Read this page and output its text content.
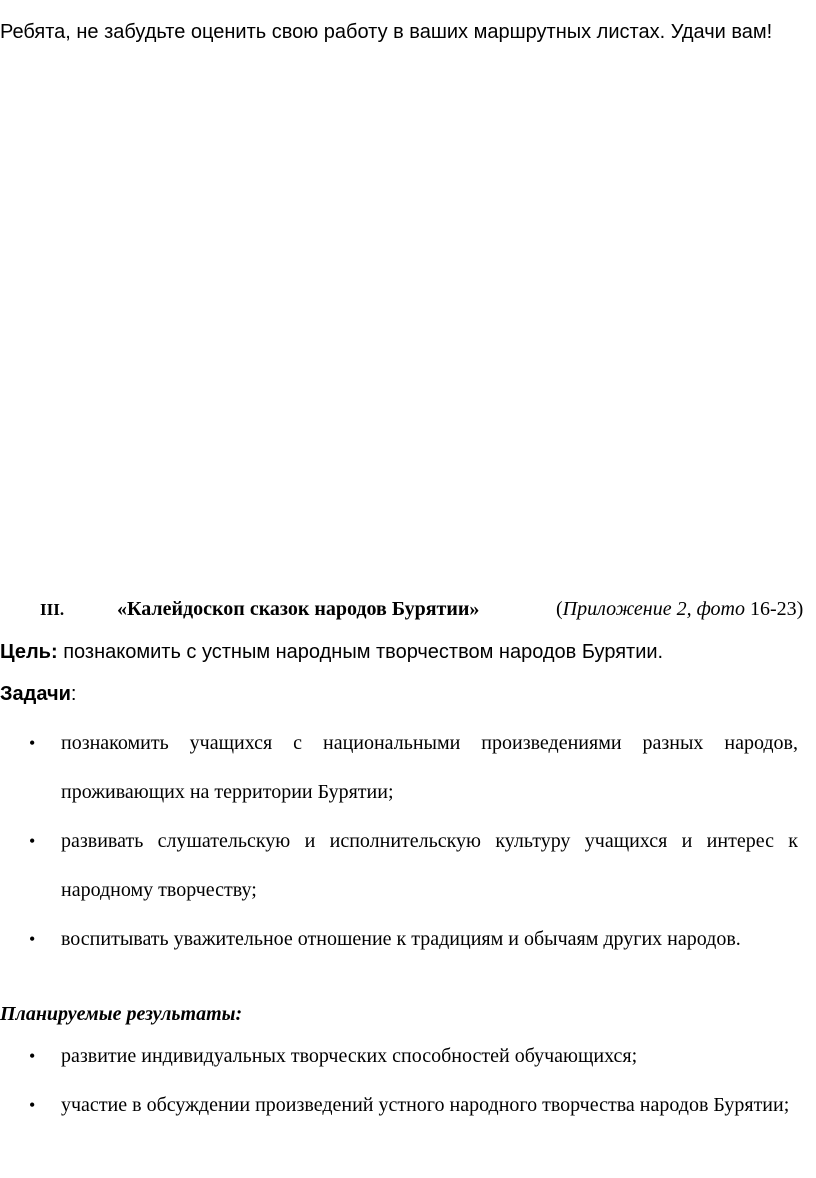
Ребята, не забудьте оценить свою работу в ваших маршрутных листах. Удачи вам!

III.	«Калейдоскоп сказок народов Бурятии»	(Приложение 2, фото 16-23)
Цель: познакомить с устным народным творчеством народов Бурятии.
Задачи:
• познакомить учащихся с национальными произведениями разных народов, проживающих на территории Бурятии;
• развивать слушательскую и исполнительскую культуру учащихся и интерес к народному творчеству;
• воспитывать уважительное отношение к традициям и обычаям других народов.
Планируемые результаты:
• развитие индивидуальных творческих способностей обучающихся;
• участие в обсуждении произведений устного народного творчества народов Бурятии;
